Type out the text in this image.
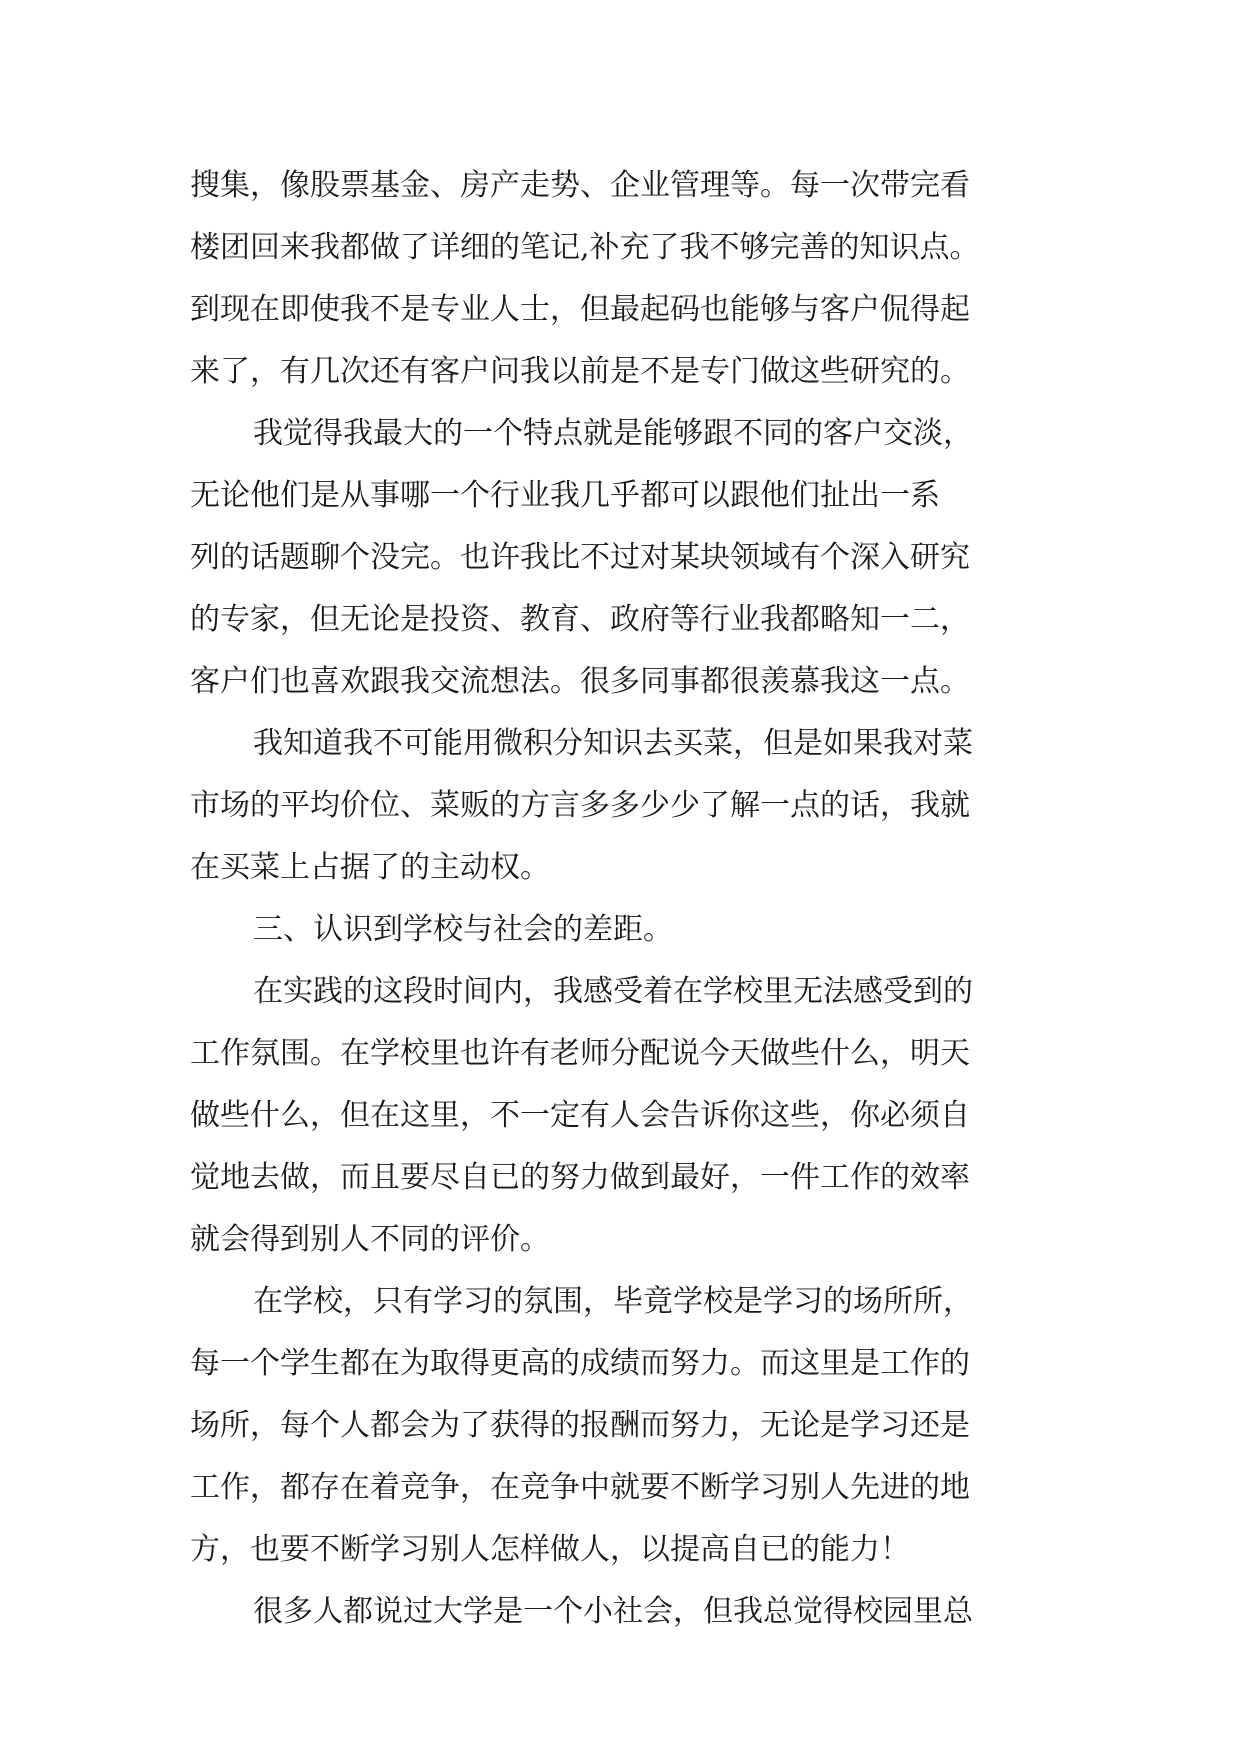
搜集，像股票基金、房产走势、企业管理等。每一次带完看
楼团回来我都做了详细的笔记,补充了我不够完善的知识点。
到现在即使我不是专业人士，但最起码也能够与客户侃得起
来了，有几次还有客户问我以前是不是专门做这些研究的。
我觉得我最大的一个特点就是能够跟不同的客户交淡，
无论他们是从事哪一个行业我几乎都可以跟他们扯出一系
列的话题聊个没完。也许我比不过对某块领域有个深入研究
的专家，但无论是投资、教育、政府等行业我都略知一二，
客户们也喜欢跟我交流想法。很多同事都很羡慕我这一点。
我知道我不可能用微积分知识去买菜，但是如果我对菜
市场的平均价位、菜贩的方言多多少少了解一点的话，我就
在买菜上占据了的主动权。
三、认识到学校与社会的差距。
在实践的这段时间内，我感受着在学校里无法感受到的
工作氛围。在学校里也许有老师分配说今天做些什么，明天
做些什么，但在这里，不一定有人会告诉你这些，你必须自
觉地去做，而且要尽自已的努力做到最好，一件工作的效率
就会得到别人不同的评价。
在学校，只有学习的氛围，毕竟学校是学习的场所所，
每一个学生都在为取得更高的成绩而努力。而这里是工作的
场所，每个人都会为了获得的报酬而努力，无论是学习还是
工作，都存在着竞争，在竞争中就要不断学习别人先进的地
方，也要不断学习别人怎样做人，以提高自已的能力！
很多人都说过大学是一个小社会，但我总觉得校园里总
